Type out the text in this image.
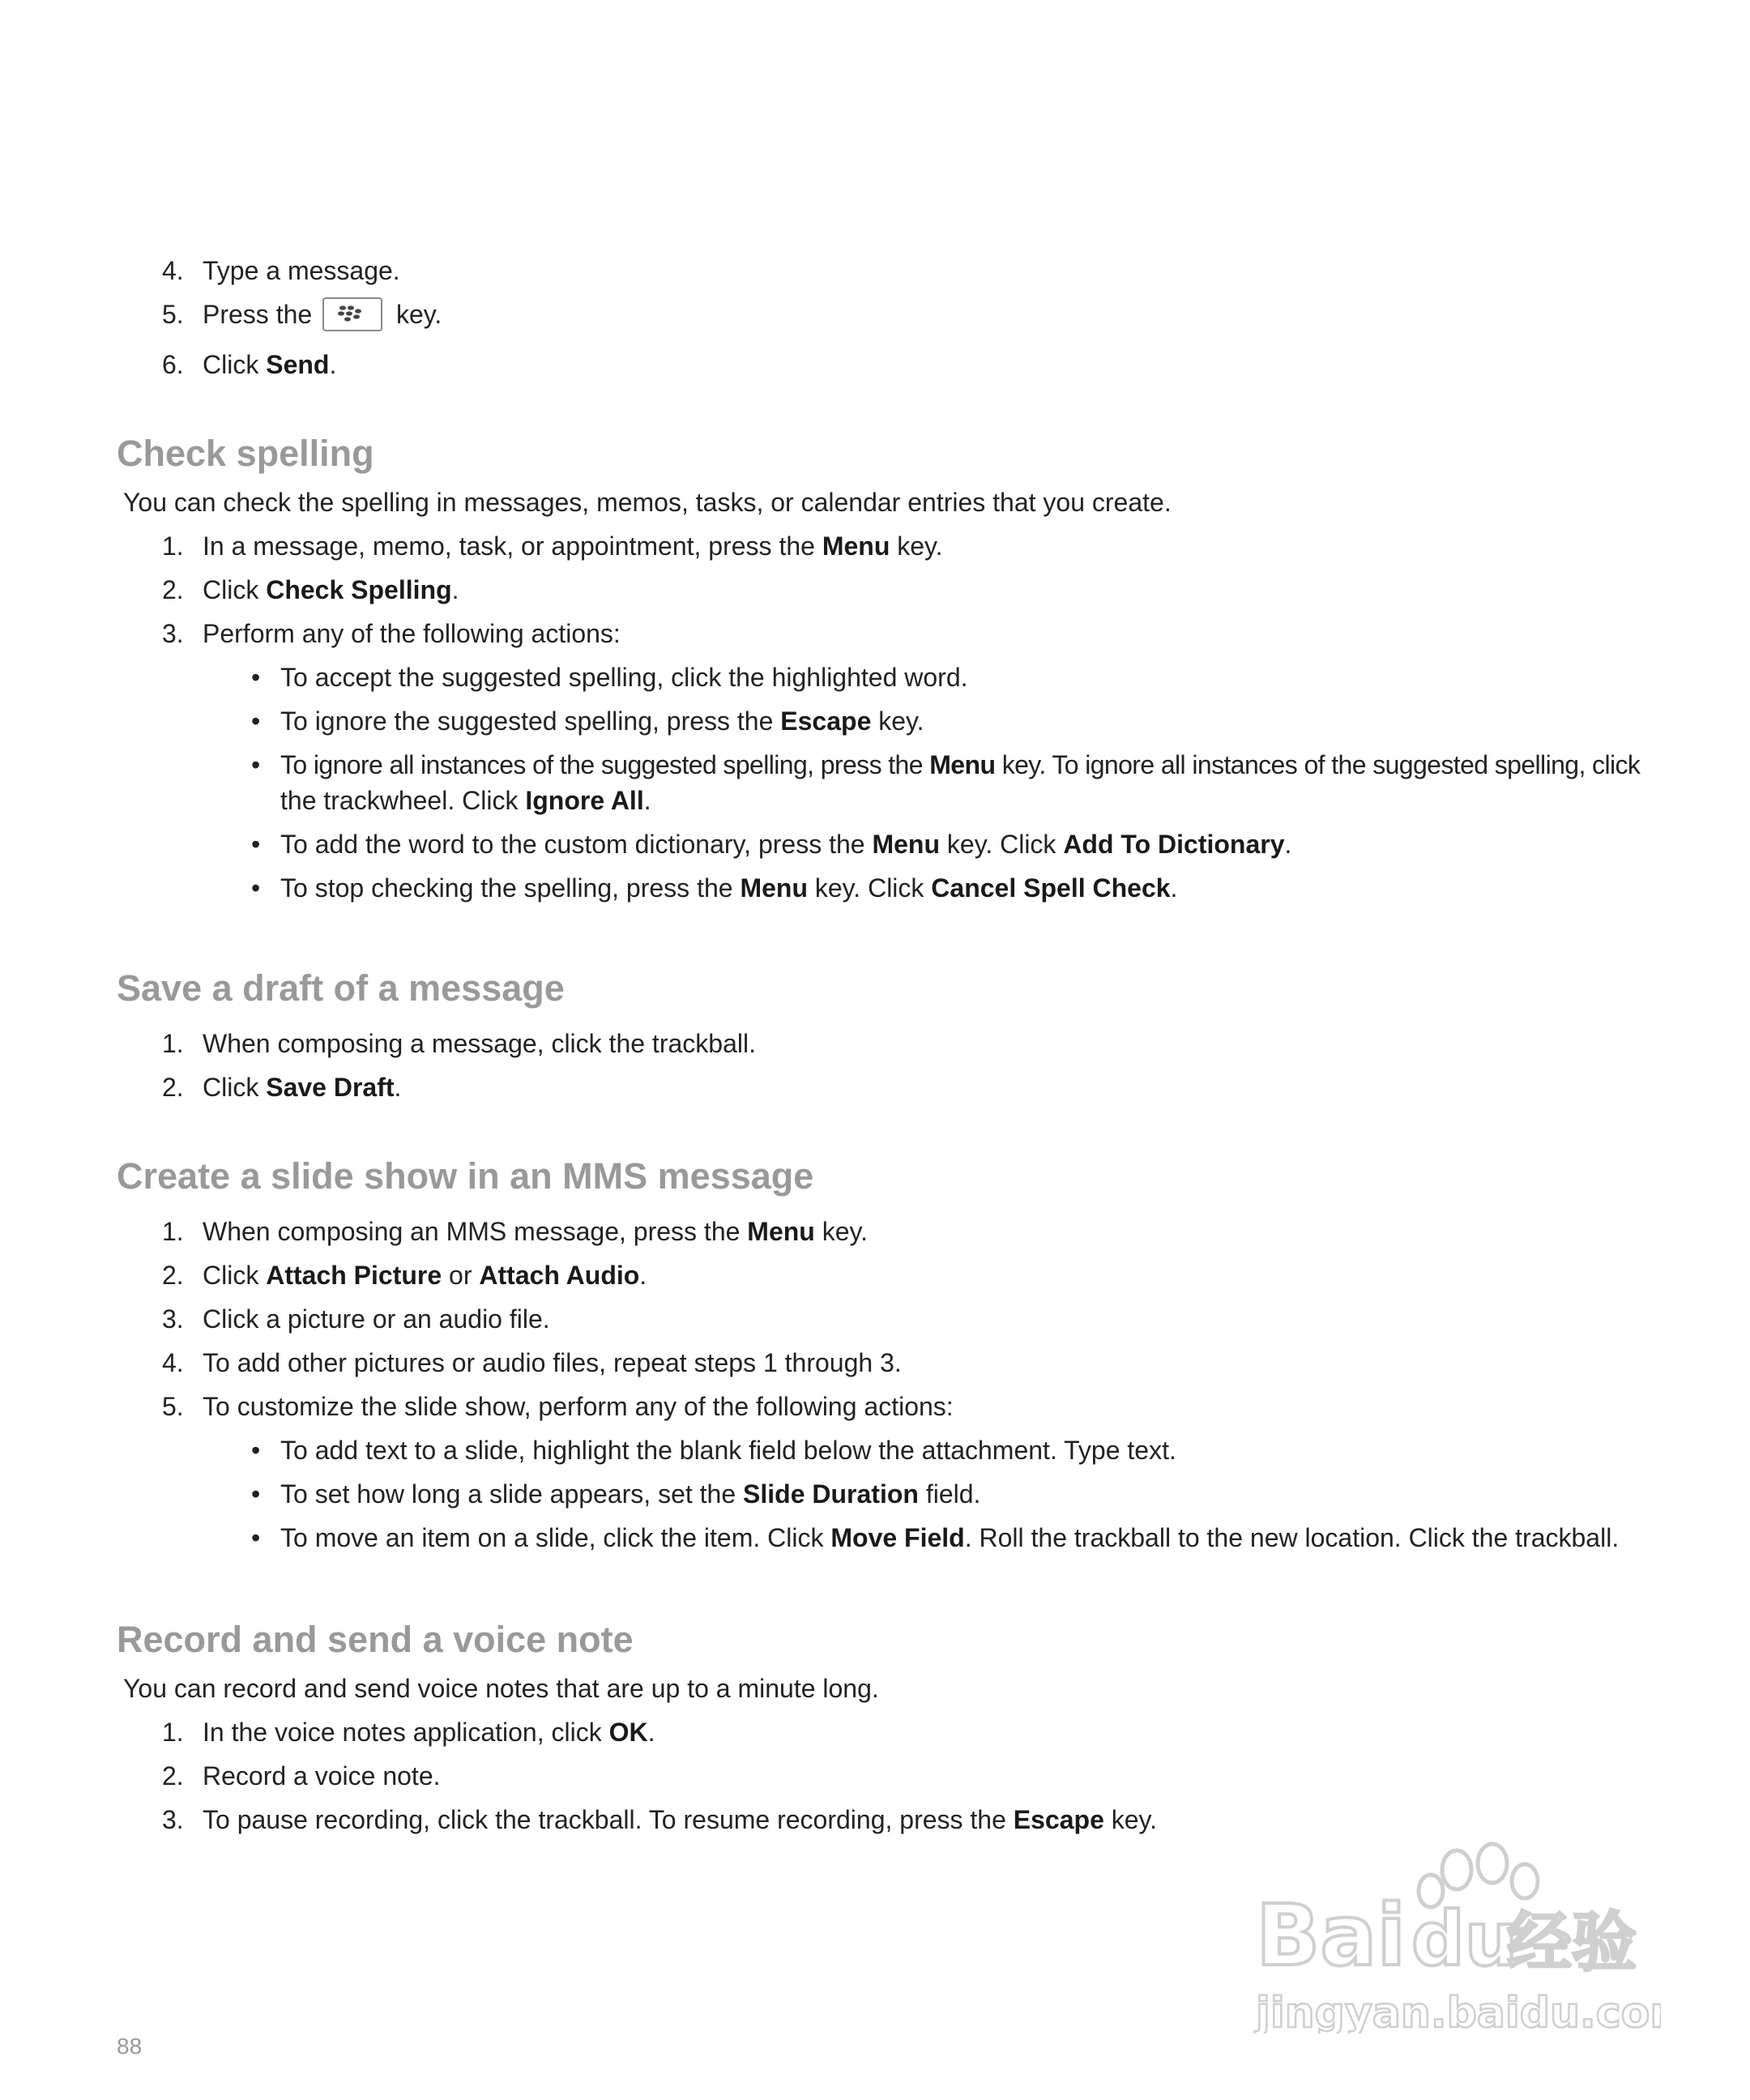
4. Type a message.
5. Press the	key.
6. Click Send.
Check spelling
You can check the spelling in messages, memos, tasks, or calendar entries that you create.
1. In a message, memo, task, or appointment, press the Menu key.
2. Click Check Spelling.
3. Perform any of the following actions:
• To accept the suggested spelling, click the highlighted word.
• To ignore the suggested spelling, press the Escape key.
• To ignore all instances of the suggested spelling, press the Menu key. To ignore all instances of the suggested spelling, click
the trackwheel. Click Ignore All.
• To add the word to the custom dictionary, press the Menu key. Click Add To Dictionary.
• To stop checking the spelling, press the Menu key. Click Cancel Spell Check.
Save a draft of a message
1. When composing a message, click the trackball.
2. Click Save Draft.
Create a slide show in an MMS message
1. When composing an MMS message, press the Menu key.
2. Click Attach Picture or Attach Audio.
3. Click a picture or an audio file.
4. To add other pictures or audio files, repeat steps 1 through 3.
5. To customize the slide show, perform any of the following actions:
• To add text to a slide, highlight the blank field below the attachment. Type text.
• To set how long a slide appears, set the Slide Duration field.
• To move an item on a slide, click the item. Click Move Field. Roll the trackball to the new location. Click the trackball.
Record and send a voice note
You can record and send voice notes that are up to a minute long.
1. In the voice notes application, click OK.
2. Record a voice note.
3. To pause recording, click the trackball. To resume recording, press the Escape key.
Bai du
经验
jingyan.baidu.com
88
